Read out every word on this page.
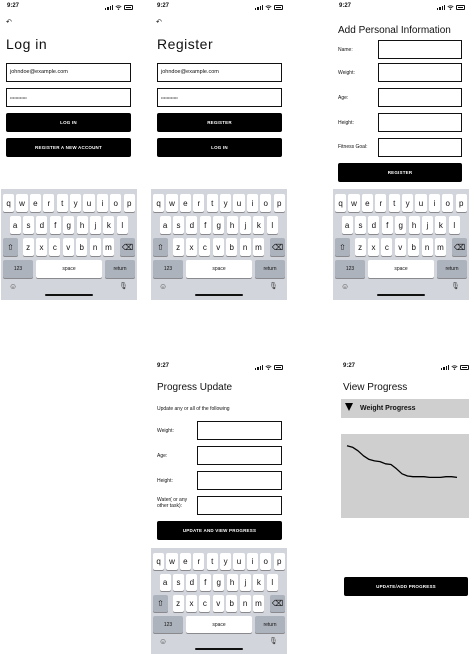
9:27
↶
Log in
johndoe@example.com
••••••••••••
LOG IN
REGISTER A NEW ACCOUNT
q	w	e	r	t	y	u	i	o	p
a	s	d	f	g	h	j	k	l
⇧	z	x	c	v	b	n m ⌫
123	space	return
☺	🎙
9:27
↶
Register
johndoe@example.com
••••••••••••
REGISTER
LOG IN
q	w	e	r	t	y	u	i	o	p
a	s	d	f	g	h	j	k	l
⇧	z	x	c	v	b	n m ⌫
123	space	return
☺	🎙
9:27
Add Personal Information
Name:
Weight:
Age:
Height:
Fitness Goal:
REGISTER
q	w	e	r	t	y	u	i	o	p
a	s	d	f	g	h	j	k	l
⇧	z	x	c	v	b	n m ⌫
123	space	return
☺	🎙
9:27
Progress Update
Update any or all of the following
Weight:
Age:
Height:
Water( or any other task):
UPDATE AND VIEW PROGRESS
q	w	e	r	t	y	u	i	o	p
a	s	d	f	g	h	j	k	l
⇧	z	x	c	v	b	n m ⌫
123	space	return
☺	🎙
9:27
View Progress
Weight Progress
UPDATE/ADD PROGRESS
